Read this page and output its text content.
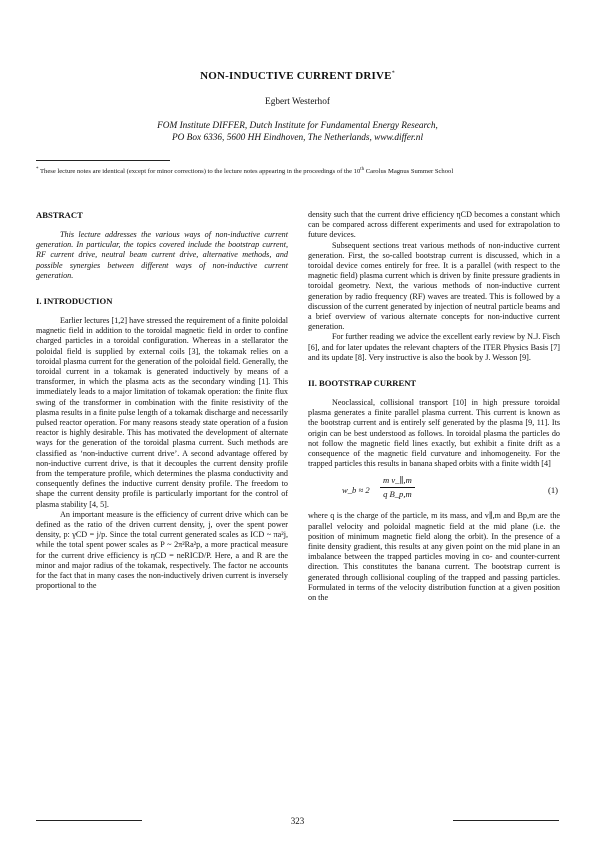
NON-INDUCTIVE CURRENT DRIVE*
Egbert Westerhof
FOM Institute DIFFER, Dutch Institute for Fundamental Energy Research,
PO Box 6336, 5600 HH Eindhoven, The Netherlands, www.differ.nl
* These lecture notes are identical (except for minor corrections) to the lecture notes appearing in the proceedings of the 10th Carolus Magnus Summer School
ABSTRACT

This lecture addresses the various ways of non-inductive current generation. In particular, the topics covered include the bootstrap current, RF current drive, neutral beam current drive, alternative methods, and possible synergies between different ways of non-inductive current generation.

I. INTRODUCTION

Earlier lectures [1,2] have stressed the requirement of a finite poloidal magnetic field in addition to the toroidal magnetic field in order to confine charged particles in a toroidal configuration. Whereas in a stellarator the poloidal field is supplied by external coils [3], the tokamak relies on a toroidal plasma current for the generation of the poloidal field. Generally, the toroidal current in a tokamak is generated inductively by means of a transformer, in which the plasma acts as the secondary winding [1]. This immediately leads to a major limitation of tokamak operation: the finite flux swing of the transformer in combination with the finite resistivity of the plasma results in a finite pulse length of a tokamak discharge and necessarily pulsed reactor operation. For many reasons steady state operation of a fusion reactor is highly desirable. This has motivated the development of alternate ways for the generation of the toroidal plasma current. Such methods are classified as ‘non-inductive current drive’. A second advantage offered by non-inductive current drive, is that it decouples the current density profile from the temperature profile, which determines the plasma conductivity and consequently defines the inductive current density profile. The freedom to shape the current density profile is particularly important for the control of plasma stability [4, 5].

An important measure is the efficiency of current drive which can be defined as the ratio of the driven current density, j, over the spent power density, p: γCD = j/p. Since the total current generated scales as ICD ~ πa²j, while the total spent power scales as P ~ 2π²Ra²p, a more practical measure for the current drive efficiency is ηCD = neRICD/P. Here, a and R are the minor and major radius of the tokamak, respectively. The factor ne accounts for the fact that in many cases the non-inductively driven current is inversely proportional to the

density such that the current drive efficiency ηCD becomes a constant which can be compared across different experiments and used for extrapolation to future devices.

Subsequent sections treat various methods of non-inductive current generation. First, the so-called bootstrap current is discussed, which in a toroidal device comes entirely for free. It is a parallel (with respect to the magnetic field) plasma current which is driven by finite pressure gradients in toroidal geometry. Next, the various methods of non-inductive current generation by radio frequency (RF) waves are treated. This is followed by a discussion of the current generated by injection of neutral particle beams and a brief overview of various alternate concepts for non-inductive current generation.

For further reading we advice the excellent early review by N.J. Fisch [6], and for later updates the relevant chapters of the ITER Physics Basis [7] and its update [8]. Very instructive is also the book by J. Wesson [9].

II. BOOTSTRAP CURRENT

Neoclassical, collisional transport [10] in high pressure toroidal plasma generates a finite parallel plasma current. This current is known as the bootstrap current and is entirely self generated by the plasma [9, 11]. Its origin can be best understood as follows. In toroidal plasma the particles do not follow the magnetic field lines exactly, but exhibit a finite drift as a consequence of the magnetic field curvature and inhomogeneity. For the trapped particles this results in banana shaped orbits with a finite width [4]

w_b ≈ $2 \frac{\text{m v\_∥,m}}{\text{q B\_p,m}}$	(1)

where q is the charge of the particle, m its mass, and v∥,m and Bp,m are the parallel velocity and poloidal magnetic field at the mid plane (i.e. the position of minimum magnetic field along the orbit). In the presence of a finite density gradient, this results at any given point on the mid plane in an imbalance between the trapped particles moving in co- and counter-current direction. This constitutes the banana current. The bootstrap current is generated through collisional coupling of the trapped and passing particles. Formulated in terms of the velocity distribution function at a given position on the

323
